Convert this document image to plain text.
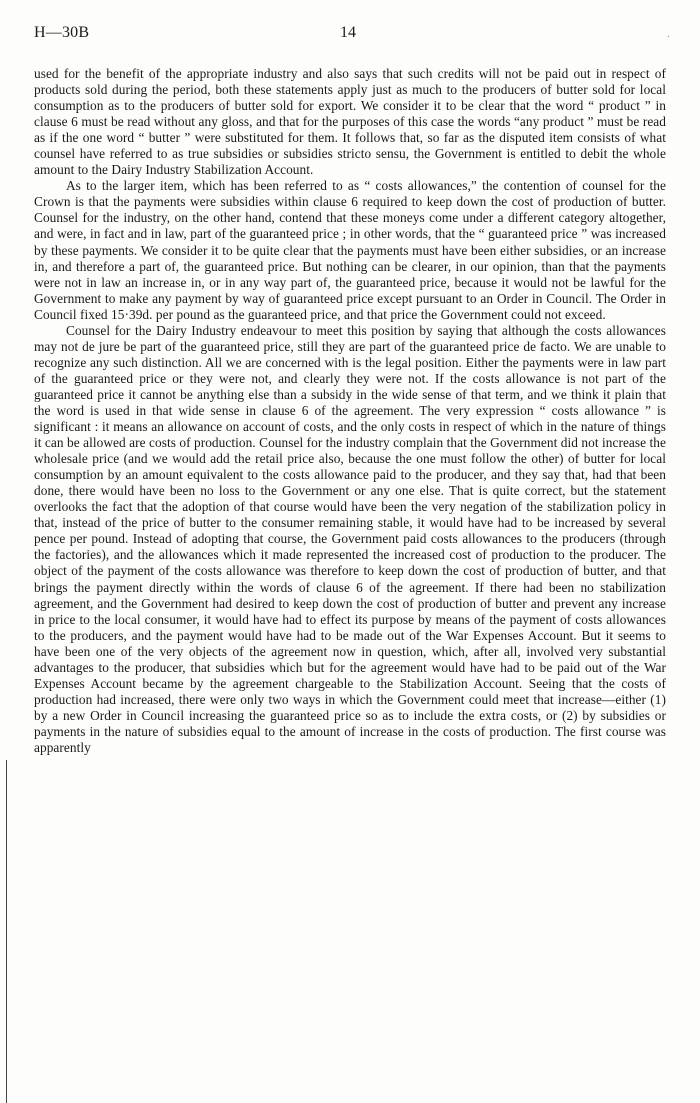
H—30B	14	·

used for the benefit of the appropriate industry and also says that such credits will not be paid out in respect of products sold during the period, both these statements apply just as much to the producers of butter sold for local consumption as to the producers of butter sold for export. We consider it to be clear that the word “ product ” in clause 6 must be read without any gloss, and that for the purposes of this case the words “any product ” must be read as if the one word “ butter ” were substituted for them. It follows that, so far as the disputed item consists of what counsel have referred to as true subsidies or subsidies stricto sensu, the Government is entitled to debit the whole amount to the Dairy Industry Stabilization Account.

As to the larger item, which has been referred to as “ costs allowances,” the contention of counsel for the Crown is that the payments were subsidies within clause 6 required to keep down the cost of production of butter. Counsel for the industry, on the other hand, contend that these moneys come under a different category altogether, and were, in fact and in law, part of the guaranteed price ; in other words, that the “ guaranteed price ” was increased by these payments. We consider it to be quite clear that the payments must have been either subsidies, or an increase in, and therefore a part of, the guaranteed price. But nothing can be clearer, in our opinion, than that the payments were not in law an increase in, or in any way part of, the guaranteed price, because it would not be lawful for the Government to make any payment by way of guaranteed price except pursuant to an Order in Council. The Order in Council fixed 15·39d. per pound as the guaranteed price, and that price the Government could not exceed.

Counsel for the Dairy Industry endeavour to meet this position by saying that although the costs allowances may not de jure be part of the guaranteed price, still they are part of the guaranteed price de facto. We are unable to recognize any such distinction. All we are concerned with is the legal position. Either the payments were in law part of the guaranteed price or they were not, and clearly they were not. If the costs allowance is not part of the guaranteed price it cannot be anything else than a subsidy in the wide sense of that term, and we think it plain that the word is used in that wide sense in clause 6 of the agreement. The very expression “ costs allowance ” is significant : it means an allowance on account of costs, and the only costs in respect of which in the nature of things it can be allowed are costs of production. Counsel for the industry complain that the Government did not increase the wholesale price (and we would add the retail price also, because the one must follow the other) of butter for local consumption by an amount equivalent to the costs allowance paid to the producer, and they say that, had that been done, there would have been no loss to the Government or any one else. That is quite correct, but the statement overlooks the fact that the adoption of that course would have been the very negation of the stabilization policy in that, instead of the price of butter to the consumer remaining stable, it would have had to be increased by several pence per pound. Instead of adopting that course, the Government paid costs allowances to the producers (through the factories), and the allowances which it made represented the increased cost of production to the producer. The object of the payment of the costs allowance was therefore to keep down the cost of production of butter, and that brings the payment directly within the words of clause 6 of the agreement. If there had been no stabilization agreement, and the Government had desired to keep down the cost of production of butter and prevent any increase in price to the local consumer, it would have had to effect its purpose by means of the payment of costs allowances to the producers, and the payment would have had to be made out of the War Expenses Account. But it seems to have been one of the very objects of the agreement now in question, which, after all, involved very substantial advantages to the producer, that subsidies which but for the agreement would have had to be paid out of the War Expenses Account became by the agreement chargeable to the Stabilization Account. Seeing that the costs of production had increased, there were only two ways in which the Government could meet that increase—either (1) by a new Order in Council increasing the guaranteed price so as to include the extra costs, or (2) by subsidies or payments in the nature of subsidies equal to the amount of increase in the costs of production. The first course was apparently
